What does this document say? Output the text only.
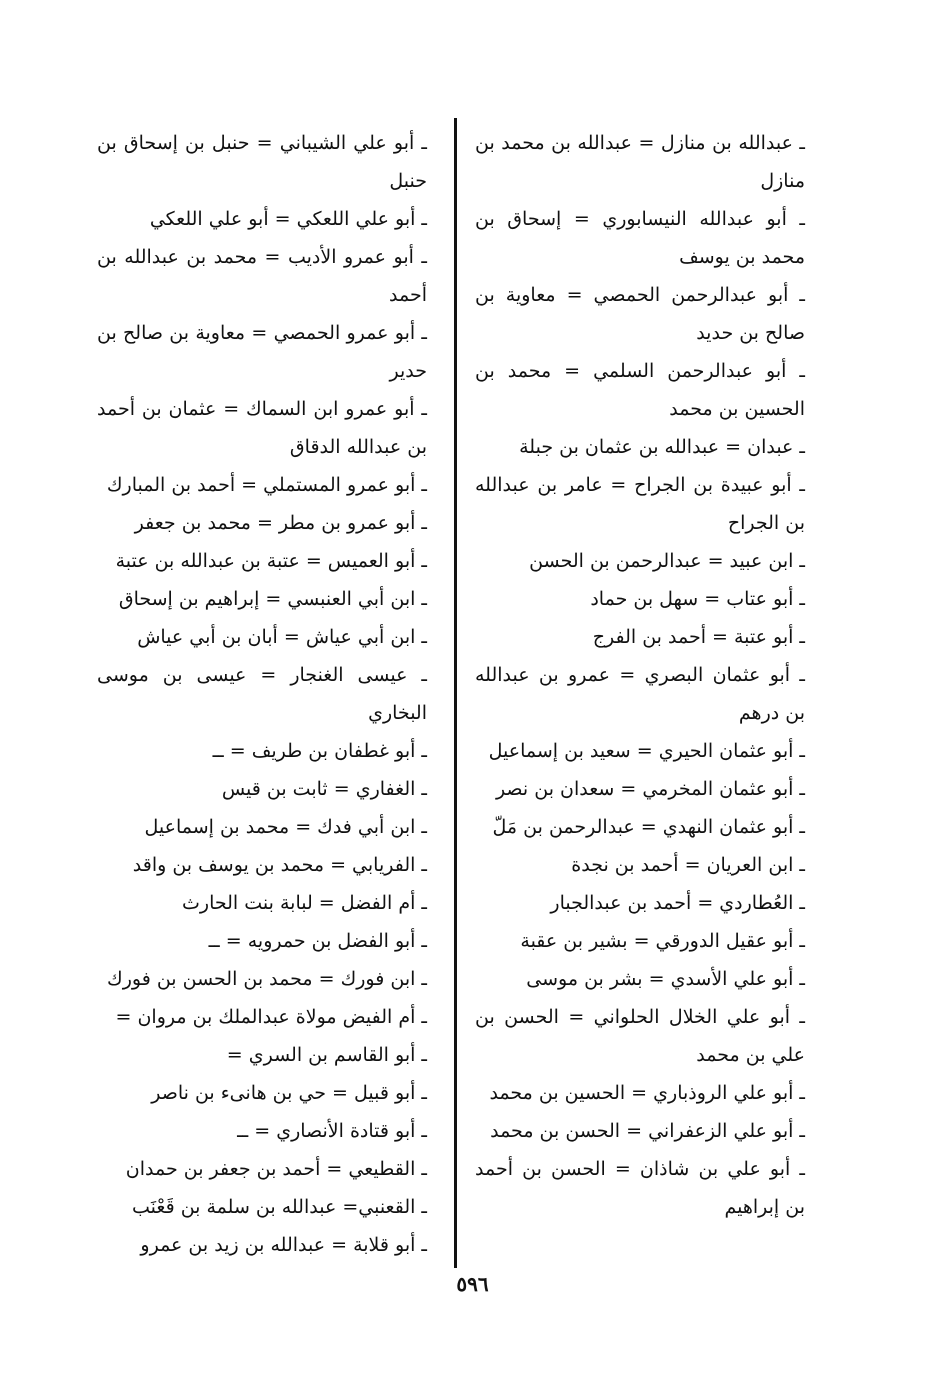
ـ عبدالله بن منازل = عبدالله بن محمد بن منازل

ـ أبو عبدالله النيسابوري = إسحاق بن محمد بن يوسف

ـ أبو عبدالرحمن الحمصي = معاوية بن صالح بن حديد

ـ أبو عبدالرحمن السلمي = محمد بن الحسين بن محمد

ـ عبدان = عبدالله بن عثمان بن جبلة

ـ أبو عبيدة بن الجراح = عامر بن عبدالله بن الجراح

ـ ابن عبيد = عبدالرحمن بن الحسن

ـ أبو عتاب = سهل بن حماد

ـ أبو عتبة = أحمد بن الفرج

ـ أبو عثمان البصري = عمرو بن عبدالله بن درهم

ـ أبو عثمان الحيري = سعيد بن إسماعيل

ـ أبو عثمان المخرمي = سعدان بن نصر

ـ أبو عثمان النهدي = عبدالرحمن بن مَلّ

ـ ابن العريان = أحمد بن نجدة

ـ العُطاردي = أحمد بن عبدالجبار

ـ أبو عقيل الدورقي = بشير بن عقبة

ـ أبو علي الأسدي = بشر بن موسى

ـ أبو علي الخلال الحلواني = الحسن بن علي بن محمد

ـ أبو علي الروذباري = الحسين بن محمد

ـ أبو علي الزعفراني = الحسن بن محمد

ـ أبو علي بن شاذان = الحسن بن أحمد بن إبراهيم

ـ أبو علي الشيباني = حنبل بن إسحاق بن حنبل

ـ أبو علي اللعكي = أبو علي اللعكي

ـ أبو عمرو الأديب = محمد بن عبدالله بن أحمد

ـ أبو عمرو الحمصي = معاوية بن صالح بن حدير

ـ أبو عمرو ابن السماك = عثمان بن أحمد بن عبدالله الدقاق

ـ أبو عمرو المستملي = أحمد بن المبارك

ـ أبو عمرو بن مطر = محمد بن جعفر

ـ أبو العميس = عتبة بن عبدالله بن عتبة

ـ ابن أبي العنبسي = إبراهيم بن إسحاق

ـ ابن أبي عياش = أبان بن أبي عياش

ـ عيسى الغنجار = عيسى بن موسى البخاري

ـ أبو غطفان بن طريف = ــ

ـ الغفاري = ثابت بن قيس

ـ ابن أبي فدك = محمد بن إسماعيل

ـ الفريابي = محمد بن يوسف بن واقد

ـ أم الفضل = لبابة بنت الحارث

ـ أبو الفضل بن حمرويه = ــ

ـ ابن فورك = محمد بن الحسن بن فورك

ـ أم الفيض مولاة عبدالملك بن مروان =

ـ أبو القاسم بن السري =

ـ أبو قبيل = حي بن هانىء بن ناصر

ـ أبو قتادة الأنصاري = ــ

ـ القطيعي = أحمد بن جعفر بن حمدان

ـ القعنبي= عبدالله بن سلمة بن قَعْنَب

ـ أبو قلابة = عبدالله بن زيد بن عمرو

٥٩٦
